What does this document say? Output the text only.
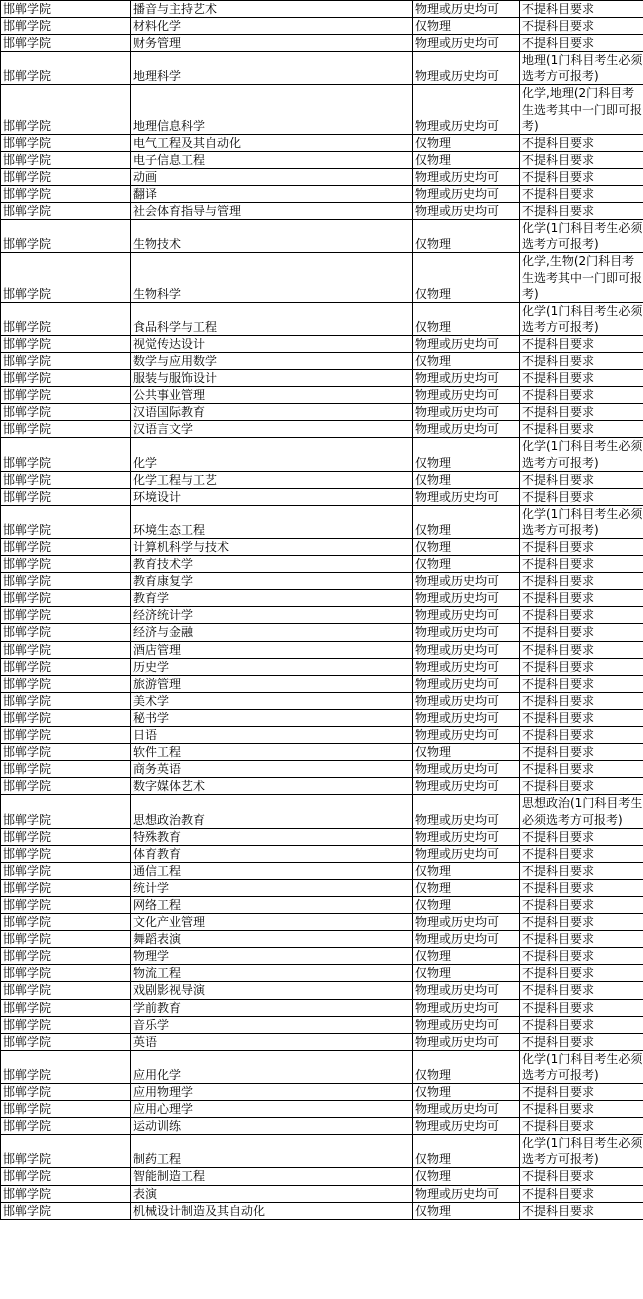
邯郸学院	播音与主持艺术	物理或历史均可	不提科目要求
邯郸学院	材料化学	仅物理	不提科目要求
邯郸学院	财务管理	物理或历史均可	不提科目要求
邯郸学院	地理科学	物理或历史均可	地理(1门科目考生必须选考方可报考)
邯郸学院	地理信息科学	物理或历史均可	化学,地理(2门科目考生选考其中一门即可报考)
邯郸学院	电气工程及其自动化	仅物理	不提科目要求
邯郸学院	电子信息工程	仅物理	不提科目要求
邯郸学院	动画	物理或历史均可	不提科目要求
邯郸学院	翻译	物理或历史均可	不提科目要求
邯郸学院	社会体育指导与管理	物理或历史均可	不提科目要求
邯郸学院	生物技术	仅物理	化学(1门科目考生必须选考方可报考)
邯郸学院	生物科学	仅物理	化学,生物(2门科目考生选考其中一门即可报考)
邯郸学院	食品科学与工程	仅物理	化学(1门科目考生必须选考方可报考)
邯郸学院	视觉传达设计	物理或历史均可	不提科目要求
邯郸学院	数学与应用数学	仅物理	不提科目要求
邯郸学院	服装与服饰设计	物理或历史均可	不提科目要求
邯郸学院	公共事业管理	物理或历史均可	不提科目要求
邯郸学院	汉语国际教育	物理或历史均可	不提科目要求
邯郸学院	汉语言文学	物理或历史均可	不提科目要求
邯郸学院	化学	仅物理	化学(1门科目考生必须选考方可报考)
邯郸学院	化学工程与工艺	仅物理	不提科目要求
邯郸学院	环境设计	物理或历史均可	不提科目要求
邯郸学院	环境生态工程	仅物理	化学(1门科目考生必须选考方可报考)
邯郸学院	计算机科学与技术	仅物理	不提科目要求
邯郸学院	教育技术学	仅物理	不提科目要求
邯郸学院	教育康复学	物理或历史均可	不提科目要求
邯郸学院	教育学	物理或历史均可	不提科目要求
邯郸学院	经济统计学	物理或历史均可	不提科目要求
邯郸学院	经济与金融	物理或历史均可	不提科目要求
邯郸学院	酒店管理	物理或历史均可	不提科目要求
邯郸学院	历史学	物理或历史均可	不提科目要求
邯郸学院	旅游管理	物理或历史均可	不提科目要求
邯郸学院	美术学	物理或历史均可	不提科目要求
邯郸学院	秘书学	物理或历史均可	不提科目要求
邯郸学院	日语	物理或历史均可	不提科目要求
邯郸学院	软件工程	仅物理	不提科目要求
邯郸学院	商务英语	物理或历史均可	不提科目要求
邯郸学院	数字媒体艺术	物理或历史均可	不提科目要求
邯郸学院	思想政治教育	物理或历史均可	思想政治(1门科目考生必须选考方可报考)
邯郸学院	特殊教育	物理或历史均可	不提科目要求
邯郸学院	体育教育	物理或历史均可	不提科目要求
邯郸学院	通信工程	仅物理	不提科目要求
邯郸学院	统计学	仅物理	不提科目要求
邯郸学院	网络工程	仅物理	不提科目要求
邯郸学院	文化产业管理	物理或历史均可	不提科目要求
邯郸学院	舞蹈表演	物理或历史均可	不提科目要求
邯郸学院	物理学	仅物理	不提科目要求
邯郸学院	物流工程	仅物理	不提科目要求
邯郸学院	戏剧影视导演	物理或历史均可	不提科目要求
邯郸学院	学前教育	物理或历史均可	不提科目要求
邯郸学院	音乐学	物理或历史均可	不提科目要求
邯郸学院	英语	物理或历史均可	不提科目要求
邯郸学院	应用化学	仅物理	化学(1门科目考生必须选考方可报考)
邯郸学院	应用物理学	仅物理	不提科目要求
邯郸学院	应用心理学	物理或历史均可	不提科目要求
邯郸学院	运动训练	物理或历史均可	不提科目要求
邯郸学院	制药工程	仅物理	化学(1门科目考生必须选考方可报考)
邯郸学院	智能制造工程	仅物理	不提科目要求
邯郸学院	表演	物理或历史均可	不提科目要求
邯郸学院	机械设计制造及其自动化	仅物理	不提科目要求
